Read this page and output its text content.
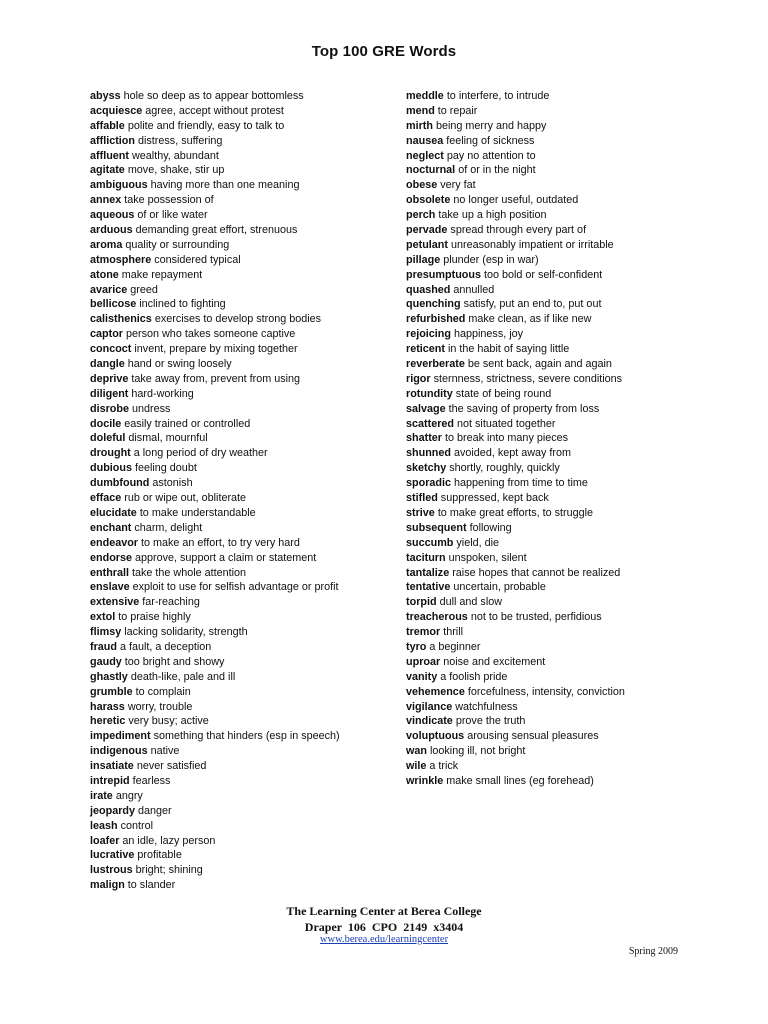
Top 100 GRE Words
abyss hole so deep as to appear bottomless
acquiesce agree, accept without protest
affable polite and friendly, easy to talk to
affliction distress, suffering
affluent wealthy, abundant
agitate move, shake, stir up
ambiguous having more than one meaning
annex take possession of
aqueous of or like water
arduous demanding great effort, strenuous
aroma quality or surrounding
atmosphere considered typical
atone make repayment
avarice greed
bellicose inclined to fighting
calisthenics exercises to develop strong bodies
captor person who takes someone captive
concoct invent, prepare by mixing together
dangle hand or swing loosely
deprive take away from, prevent from using
diligent hard-working
disrobe undress
docile easily trained or controlled
doleful dismal, mournful
drought a long period of dry weather
dubious feeling doubt
dumbfound astonish
efface rub or wipe out, obliterate
elucidate to make understandable
enchant charm, delight
endeavor to make an effort, to try very hard
endorse approve, support a claim or statement
enthrall take the whole attention
enslave exploit to use for selfish advantage or profit
extensive far-reaching
extol to praise highly
flimsy lacking solidarity, strength
fraud a fault, a deception
gaudy too bright and showy
ghastly death-like, pale and ill
grumble to complain
harass worry, trouble
heretic very busy; active
impediment something that hinders (esp in speech)
indigenous native
insatiate never satisfied
intrepid fearless
irate angry
jeopardy danger
leash control
loafer an idle, lazy person
lucrative profitable
lustrous bright; shining
malign to slander
meddle to interfere, to intrude
mend to repair
mirth being merry and happy
nausea feeling of sickness
neglect pay no attention to
nocturnal of or in the night
obese very fat
obsolete no longer useful, outdated
perch take up a high position
pervade spread through every part of
petulant unreasonably impatient or irritable
pillage plunder (esp in war)
presumptuous too bold or self-confident
quashed annulled
quenching satisfy, put an end to, put out
refurbished make clean, as if like new
rejoicing happiness, joy
reticent in the habit of saying little
reverberate be sent back, again and again
rigor sternness, strictness, severe conditions
rotundity state of being round
salvage the saving of property from loss
scattered not situated together
shatter to break into many pieces
shunned avoided, kept away from
sketchy shortly, roughly, quickly
sporadic happening from time to time
stifled suppressed, kept back
strive to make great efforts, to struggle
subsequent following
succumb yield, die
taciturn unspoken, silent
tantalize raise hopes that cannot be realized
tentative uncertain, probable
torpid dull and slow
treacherous not to be trusted, perfidious
tremor thrill
tyro a beginner
uproar noise and excitement
vanity a foolish pride
vehemence forcefulness, intensity, conviction
vigilance watchfulness
vindicate prove the truth
voluptuous arousing sensual pleasures
wan looking ill, not bright
wile a trick
wrinkle make small lines (eg forehead)
The Learning Center at Berea College
Draper 106 CPO 2149 x3404
www.berea.edu/learningcenter
Spring 2009
